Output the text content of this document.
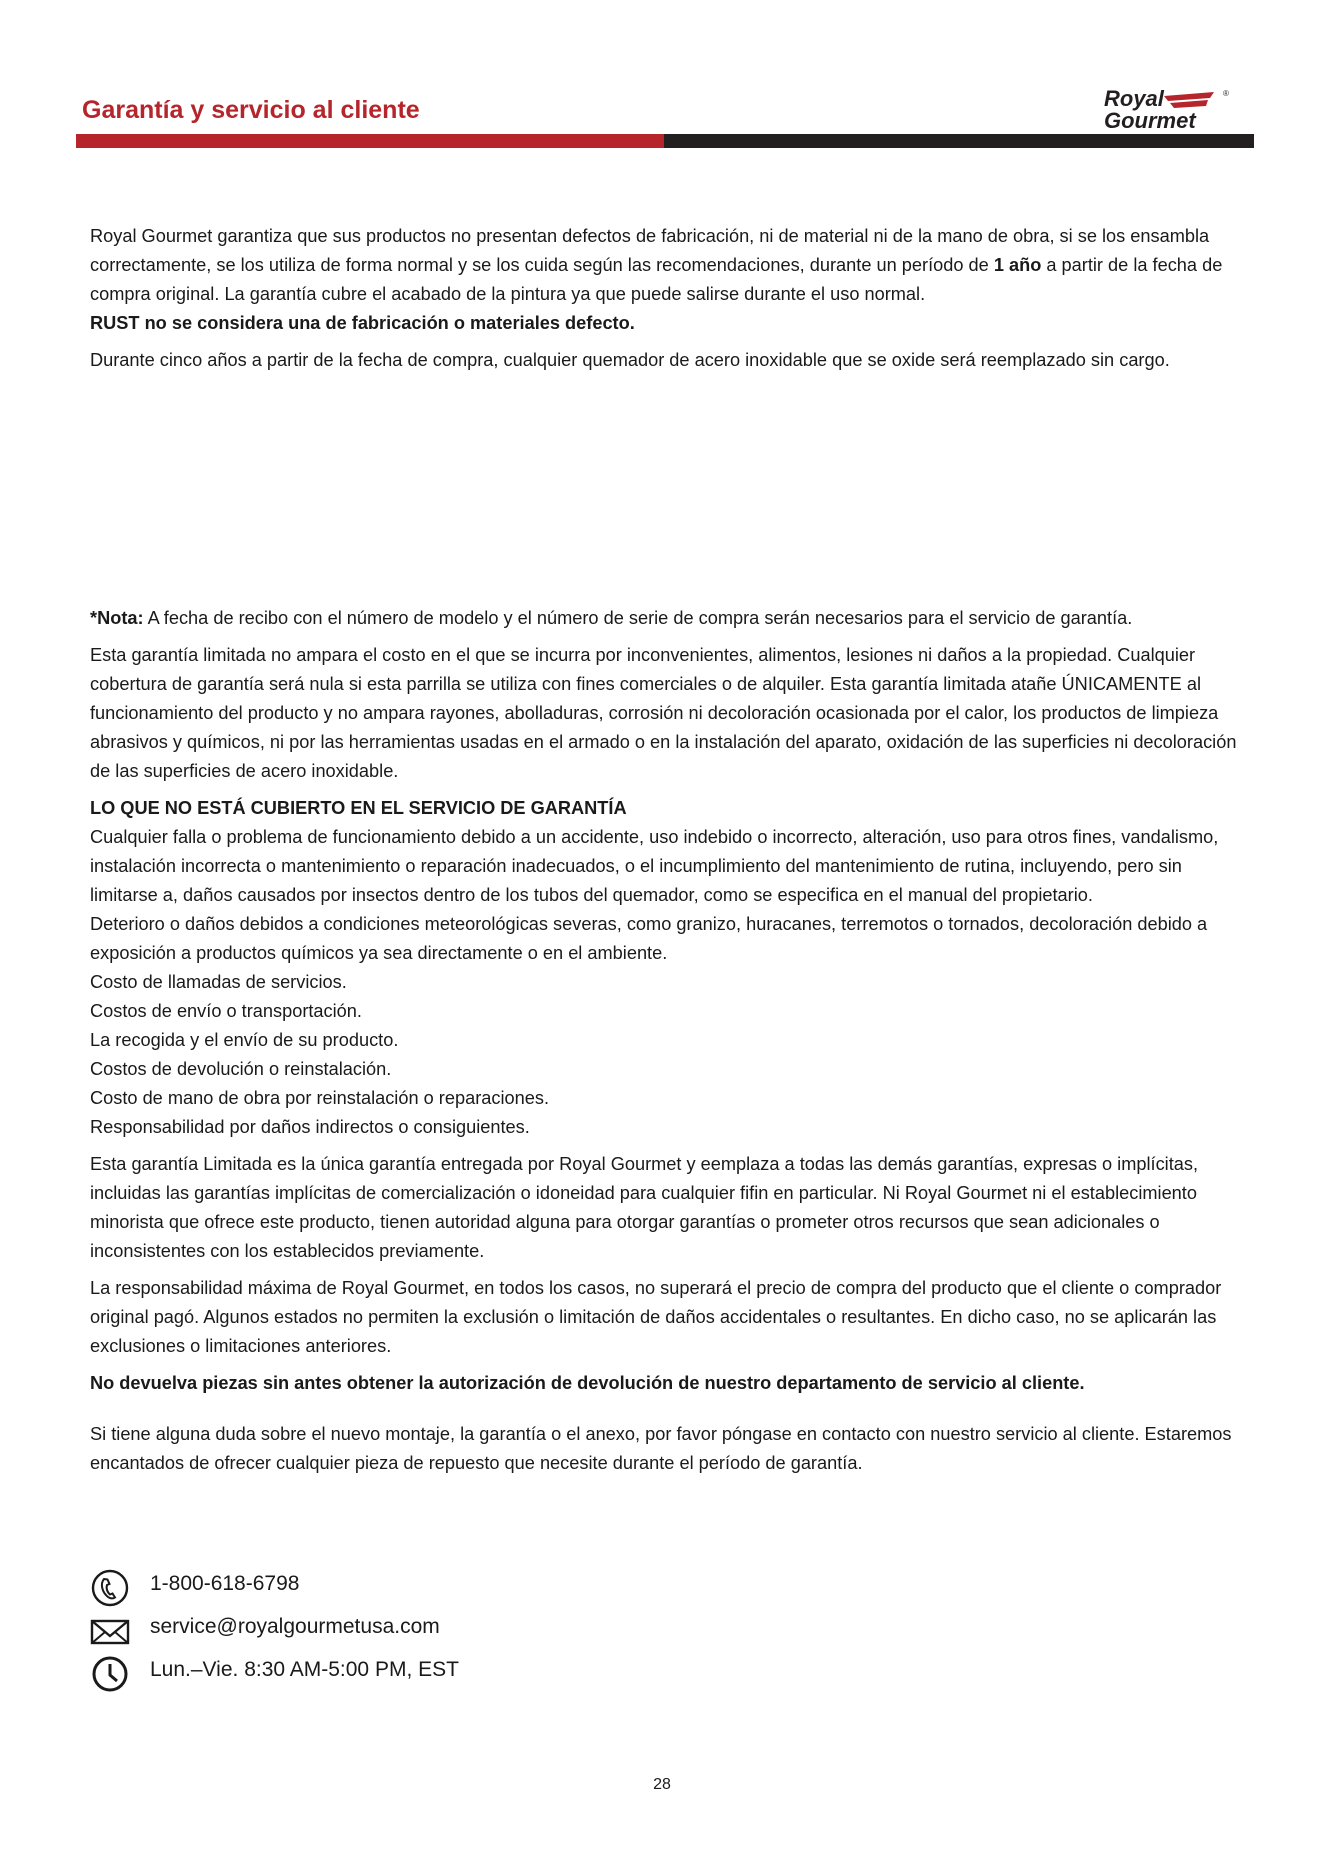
Garantía y servicio al cliente	Royal	®
Gourmet

Royal Gourmet garantiza que sus productos no presentan defectos de fabricación, ni de material ni de la mano de obra, si se los ensambla correctamente, se los utiliza de forma normal y se los cuida según las recomendaciones, durante un período de 1 año a partir de la fecha de compra original. La garantía cubre el acabado de la pintura ya que puede salirse durante el uso normal.
RUST no se considera una de fabricación o materiales defecto.

Durante cinco años a partir de la fecha de compra, cualquier quemador de acero inoxidable que se oxide será reemplazado sin cargo.

*Nota: A fecha de recibo con el número de modelo y el número de serie de compra serán necesarios para el servicio de garantía.

Esta garantía limitada no ampara el costo en el que se incurra por inconvenientes, alimentos, lesiones ni daños a la propiedad. Cualquier cobertura de garantía será nula si esta parrilla se utiliza con fines comerciales o de alquiler. Esta garantía limitada atañe ÚNICAMENTE al funcionamiento del producto y no ampara rayones, abolladuras, corrosión ni decoloración ocasionada por el calor, los productos de limpieza abrasivos y químicos, ni por las herramientas usadas en el armado o en la instalación del aparato, oxidación de las superficies ni decoloración de las superficies de acero inoxidable.

LO QUE NO ESTÁ CUBIERTO EN EL SERVICIO DE GARANTÍA

Cualquier falla o problema de funcionamiento debido a un accidente, uso indebido o incorrecto, alteración, uso para otros fines, vandalismo, instalación incorrecta o mantenimiento o reparación inadecuados, o el incumplimiento del mantenimiento de rutina, incluyendo, pero sin limitarse a, daños causados por insectos dentro de los tubos del quemador, como se especifica en el manual del propietario.

Deterioro o daños debidos a condiciones meteorológicas severas, como granizo, huracanes, terremotos o tornados, decoloración debido a exposición a productos químicos ya sea directamente o en el ambiente.

Costo de llamadas de servicios.

Costos de envío o transportación.

La recogida y el envío de su producto.

Costos de devolución o reinstalación.

Costo de mano de obra por reinstalación o reparaciones.

Responsabilidad por daños indirectos o consiguientes.

Esta garantía Limitada es la única garantía entregada por Royal Gourmet y eemplaza a todas las demás garantías, expresas o implícitas, incluidas las garantías implícitas de comercialización o idoneidad para cualquier fifin en particular. Ni Royal Gourmet ni el establecimiento minorista que ofrece este producto, tienen autoridad alguna para otorgar garantías o prometer otros recursos que sean adicionales o inconsistentes con los establecidos previamente.

La responsabilidad máxima de Royal Gourmet, en todos los casos, no superará el precio de compra del producto que el cliente o comprador original pagó. Algunos estados no permiten la exclusión o limitación de daños accidentales o resultantes. En dicho caso, no se aplicarán las exclusiones o limitaciones anteriores.

No devuelva piezas sin antes obtener la autorización de devolución de nuestro departamento de servicio al cliente.

Si tiene alguna duda sobre el nuevo montaje, la garantía o el anexo, por favor póngase en contacto con nuestro servicio al cliente. Estaremos encantados de ofrecer cualquier pieza de repuesto que necesite durante el período de garantía.

1-800-618-6798
service@royalgourmetusa.com
Lun.–Vie. 8:30 AM-5:00 PM, EST
28
